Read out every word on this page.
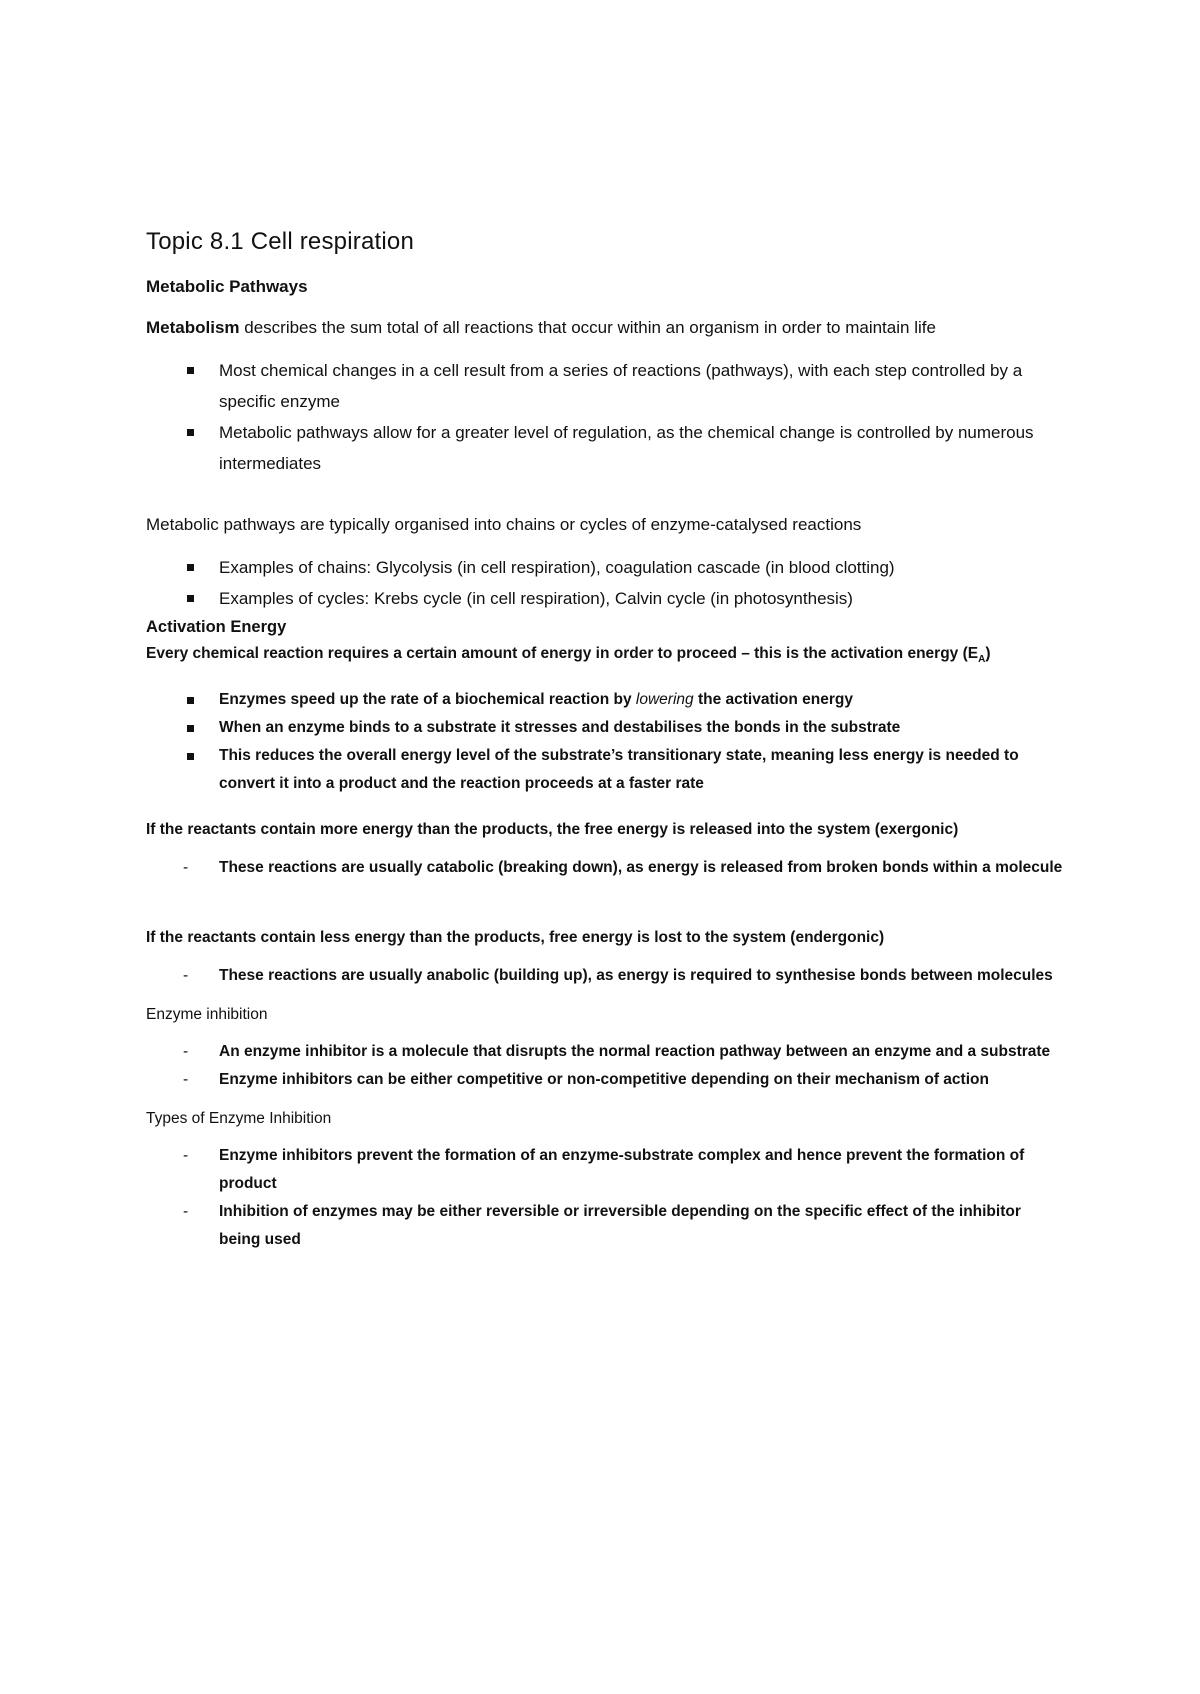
Topic 8.1 Cell respiration

Metabolic Pathways

Metabolism describes the sum total of all reactions that occur within an organism in order to maintain life

Most chemical changes in a cell result from a series of reactions (pathways), with each step controlled by a specific enzyme
Metabolic pathways allow for a greater level of regulation, as the chemical change is controlled by numerous intermediates

Metabolic pathways are typically organised into chains or cycles of enzyme-catalysed reactions

Examples of chains: Glycolysis (in cell respiration), coagulation cascade (in blood clotting)
Examples of cycles: Krebs cycle (in cell respiration), Calvin cycle (in photosynthesis)

Activation Energy

Every chemical reaction requires a certain amount of energy in order to proceed – this is the activation energy $(E_A)$

Enzymes speed up the rate of a biochemical reaction by lowering the activation energy
When an enzyme binds to a substrate it stresses and destabilises the bonds in the substrate
This reduces the overall energy level of the substrate’s transitionary state, meaning less energy is needed to convert it into a product and the reaction proceeds at a faster rate

If the reactants contain more energy than the products, the free energy is released into the system (exergonic)

- These reactions are usually catabolic (breaking down), as energy is released from broken bonds within a molecule

If the reactants contain less energy than the products, free energy is lost to the system (endergonic)

- These reactions are usually anabolic (building up), as energy is required to synthesise bonds between molecules

Enzyme inhibition

- An enzyme inhibitor is a molecule that disrupts the normal reaction pathway between an enzyme and a substrate
- Enzyme inhibitors can be either competitive or non-competitive depending on their mechanism of action

Types of Enzyme Inhibition

- Enzyme inhibitors prevent the formation of an enzyme-substrate complex and hence prevent the formation of product
- Inhibition of enzymes may be either reversible or irreversible depending on the specific effect of the inhibitor being used
